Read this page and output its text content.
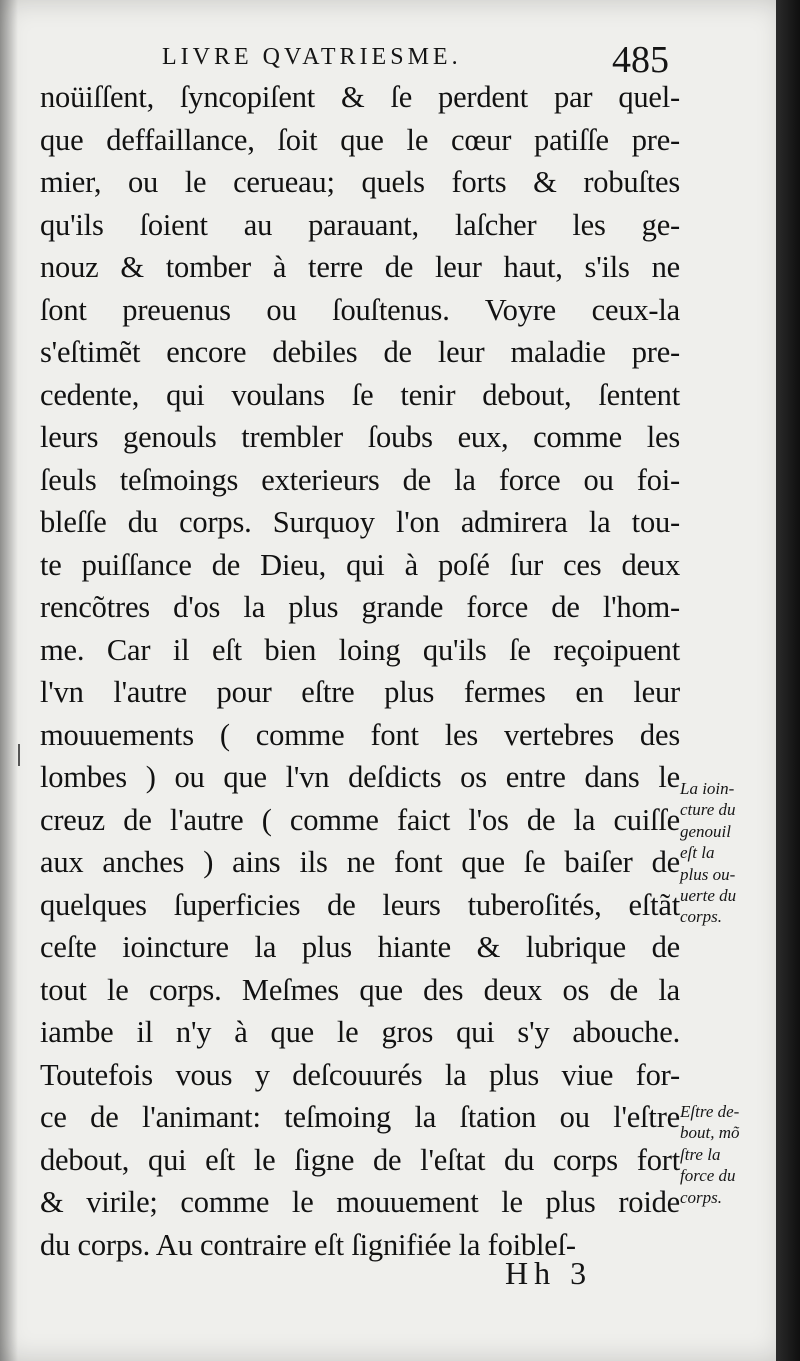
LIVRE QVATRIESME.	485
noüiſſent, ſyncopiſent & ſe perdent par quel-
que deffaillance, ſoit que le cœur patiſſe pre-
mier, ou le cerueau; quels forts & robuſtes
qu'ils ſoient au parauant, laſcher les ge-
nouz & tomber à terre de leur haut, s'ils ne
ſont preuenus ou ſouſtenus. Voyre ceux-la
s'eſtimẽt encore debiles de leur maladie pre-
cedente, qui voulans ſe tenir debout, ſentent
leurs genouls trembler ſoubs eux, comme les
ſeuls teſmoings exterieurs de la force ou foi-
bleſſe du corps. Surquoy l'on admirera la tou-
te puiſſance de Dieu, qui à poſé ſur ces deux
rencõtres d'os la plus grande force de l'hom-
me. Car il eſt bien loing qu'ils ſe reçoipuent
l'vn l'autre pour eſtre plus fermes en leur
mouuements ( comme font les vertebres des
lombes ) ou que l'vn deſdicts os entre dans le
creuz de l'autre ( comme faict l'os de la cuiſſe
aux anches ) ains ils ne font que ſe baiſer de
quelques ſuperficies de leurs tuberoſités, eſtãt
ceſte ioincture la plus hiante & lubrique de
tout le corps. Meſmes que des deux os de la
iambe il n'y à que le gros qui s'y abouche.
Toutefois vous y deſcouurés la plus viue for-
ce de l'animant: teſmoing la ſtation ou l'eſtre
debout, qui eſt le ſigne de l'eſtat du corps fort
& virile; comme le mouuement le plus roide
du corps. Au contraire eſt ſignifiée la foibleſ-
La ioin-
cture du
genouil
eſt la
plus ou-
uerte du
corps.
Eſtre de-
bout, mõ
ſtre la
force du
corps.
Hh 3
